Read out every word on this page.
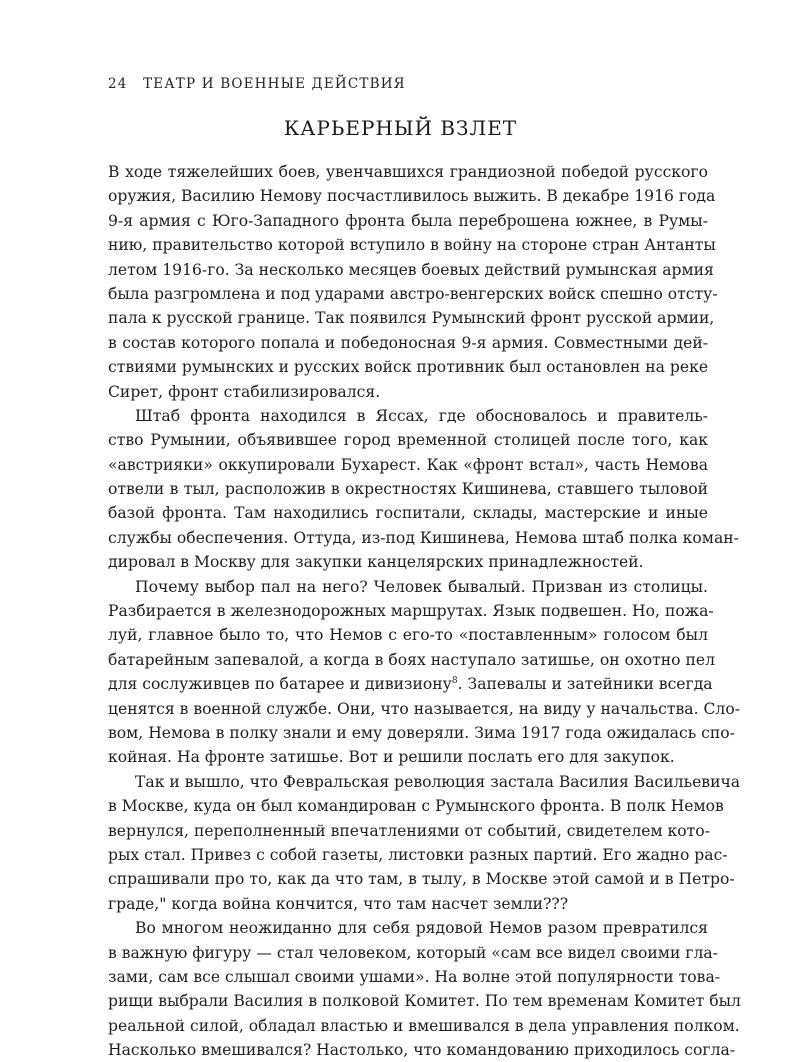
24 ТЕАТР И ВОЕННЫЕ ДЕЙСТВИЯ
КАРЬЕРНЫЙ ВЗЛЕТ
В ходе тяжелейших боев, увенчавшихся грандиозной победой русского
оружия, Василию Немову посчастливилось выжить. В декабре 1916 года
9-я армия с Юго-Западного фронта была переброшена южнее, в Румы-
нию, правительство которой вступило в войну на стороне стран Антанты
летом 1916-го. За несколько месяцев боевых действий румынская армия
была разгромлена и под ударами австро-венгерских войск спешно отсту-
пала к русской границе. Так появился Румынский фронт русской армии,
в состав которого попала и победоносная 9-я армия. Совместными дей-
ствиями румынских и русских войск противник был остановлен на реке
Сирет, фронт стабилизировался.
Штаб фронта находился в Яссах, где обосновалось и правитель-
ство Румынии, объявившее город временной столицей после того, как
«австрияки» оккупировали Бухарест. Как «фронт встал», часть Немова
отвели в тыл, расположив в окрестностях Кишинева, ставшего тыловой
базой фронта. Там находились госпитали, склады, мастерские и иные
службы обеспечения. Оттуда, из-под Кишинева, Немова штаб полка коман-
дировал в Москву для закупки канцелярских принадлежностей.
Почему выбор пал на него? Человек бывалый. Призван из столицы.
Разбирается в железнодорожных маршрутах. Язык подвешен. Но, пожа-
луй, главное было то, что Немов с его-то «поставленным» голосом был
батарейным запевалой, а когда в боях наступало затишье, он охотно пел
для сослуживцев по батарее и дивизиону$^8$. Запевалы и затейники всегда
ценятся в военной службе. Они, что называется, на виду у начальства. Сло-
вом, Немова в полку знали и ему доверяли. Зима 1917 года ожидалась спо-
койная. На фронте затишье. Вот и решили послать его для закупок.
Так и вышло, что Февральская революция застала Василия Васильевича
в Москве, куда он был командирован с Румынского фронта. В полк Немов
вернулся, переполненный впечатлениями от событий, свидетелем кото-
рых стал. Привез с собой газеты, листовки разных партий. Его жадно рас-
спрашивали про то, как да что там, в тылу, в Москве этой самой и в Петро-
граде," когда война кончится, что там насчет земли???
Во многом неожиданно для себя рядовой Немов разом превратился
в важную фигуру — стал человеком, который «сам все видел своими гла-
зами, сам все слышал своими ушами». На волне этой популярности това-
рищи выбрали Василия в полковой Комитет. По тем временам Комитет был
реальной силой, обладал властью и вмешивался в дела управления полком.
Насколько вмешивался? Настолько, что командованию приходилось согла-
